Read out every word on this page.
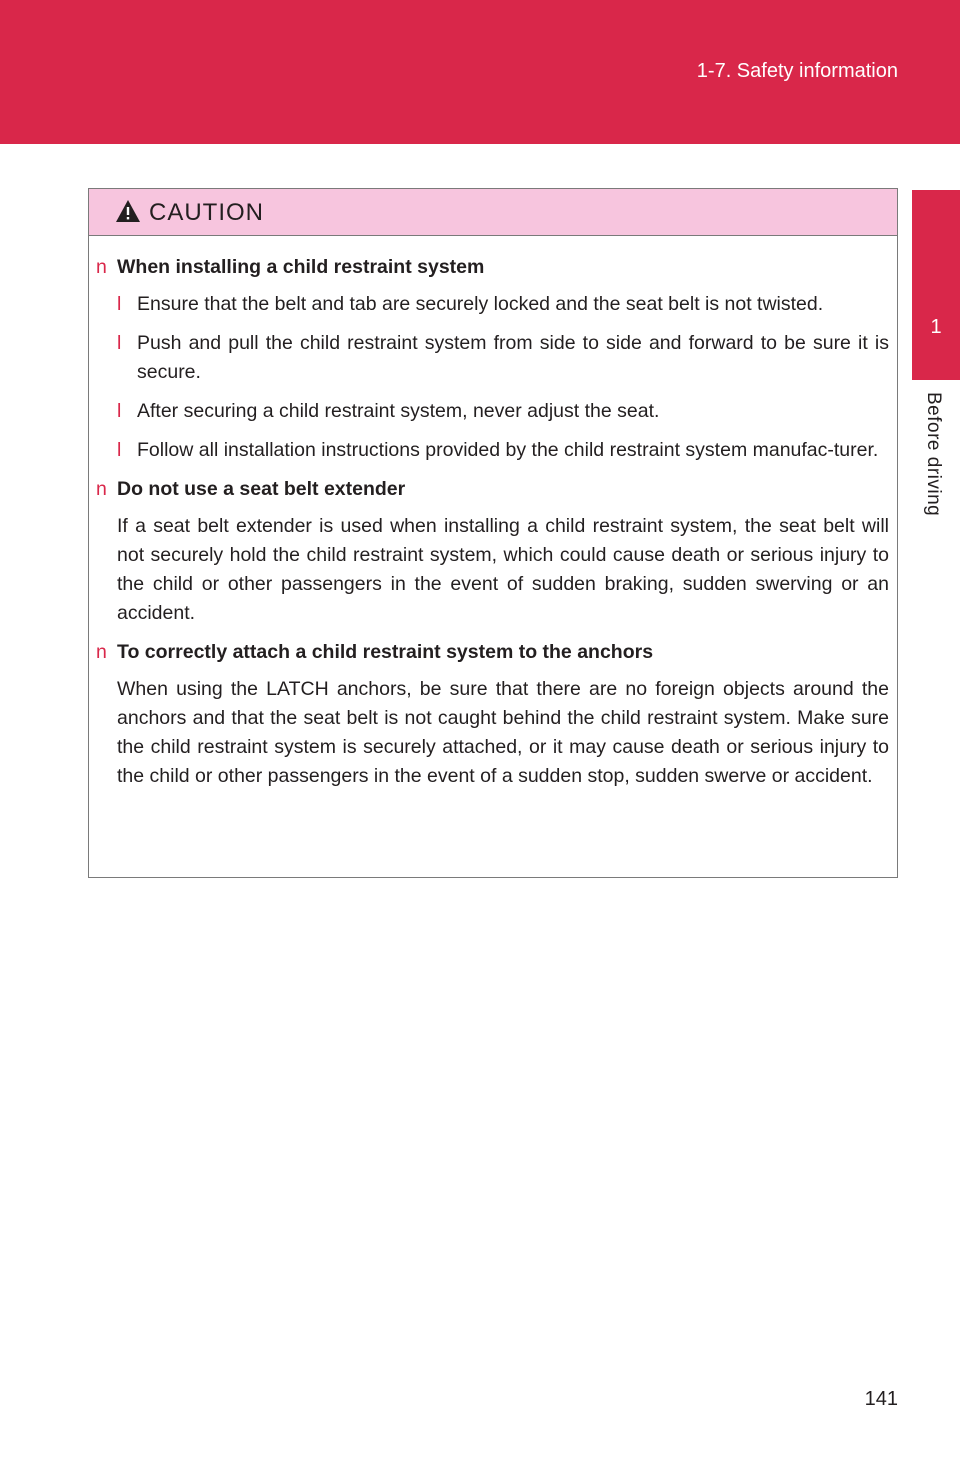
1-7. Safety information
1
Before driving
CAUTION
n When installing a child restraint system
l Ensure that the belt and tab are securely locked and the seat belt is not twisted.
l Push and pull the child restraint system from side to side and forward to be sure it is secure.
l After securing a child restraint system, never adjust the seat.
l Follow all installation instructions provided by the child restraint system manufac-turer.
n Do not use a seat belt extender
If a seat belt extender is used when installing a child restraint system, the seat belt will not securely hold the child restraint system, which could cause death or serious injury to the child or other passengers in the event of sudden braking, sudden swerving or an accident.
n To correctly attach a child restraint system to the anchors
When using the LATCH anchors, be sure that there are no foreign objects around the anchors and that the seat belt is not caught behind the child restraint system. Make sure the child restraint system is securely attached, or it may cause death or serious injury to the child or other passengers in the event of a sudden stop, sudden swerve or accident.
141
